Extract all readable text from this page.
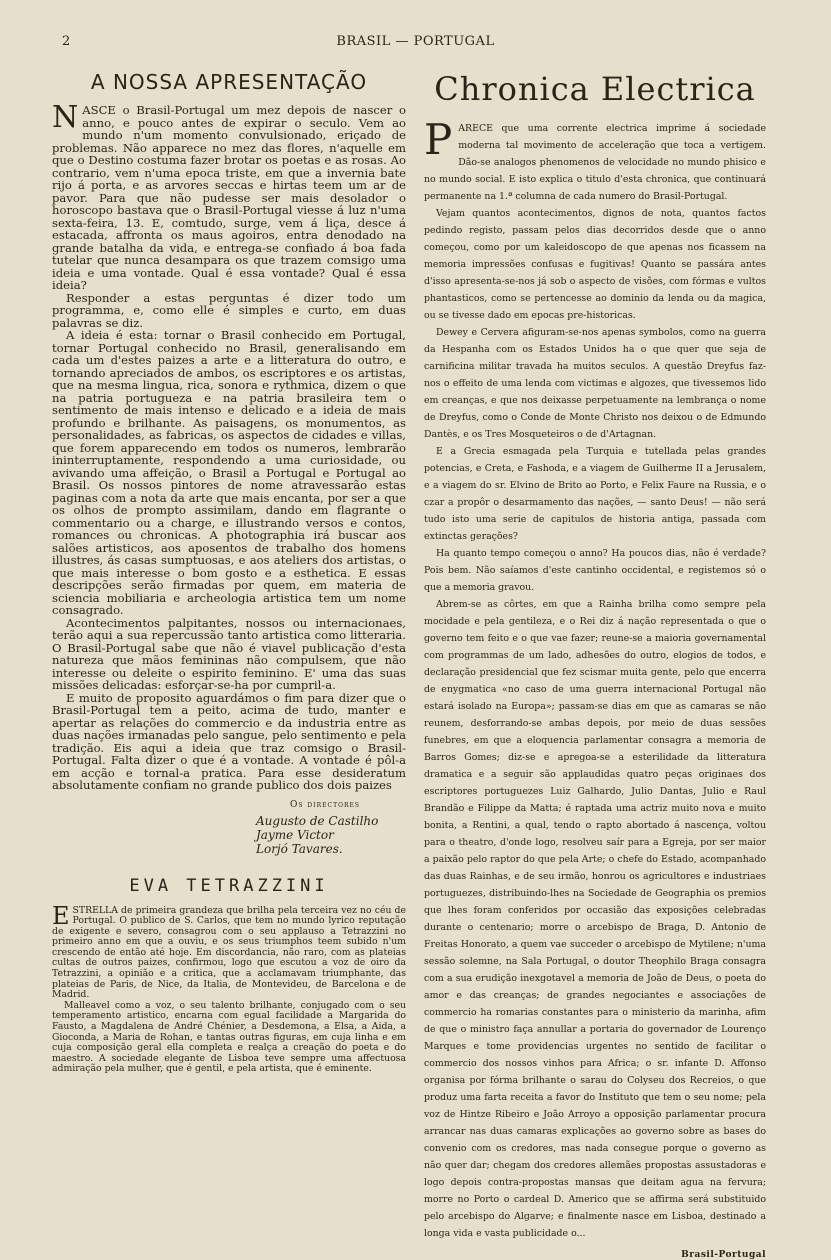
2	BRASIL — PORTUGAL
A NOSSA APRESENTAÇÃO

NASCE o Brasil-Portugal um mez depois de nascer o anno, e pouco antes de expirar o seculo. Vem ao mundo n'um momento convulsionado, eriçado de problemas. Não apparece no mez das flores, n'aquelle em que o Destino costuma fazer brotar os poetas e as rosas. Ao contrario, vem n'uma epoca triste, em que a invernia bate rijo á porta, e as arvores seccas e hirtas teem um ar de pavor. Para que não pudesse ser mais desolador o horoscopo bastava que o Brasil-Portugal viesse á luz n'uma sexta-feira, 13. E, comtudo, surge, vem á liça, desce á estacada, affronta os maus agoiros, entra denodado na grande batalha da vida, e entrega-se confiado á boa fada tutelar que nunca desampara os que trazem comsigo uma ideia e uma vontade. Qual é essa vontade? Qual é essa ideia?

Responder a estas perguntas é dizer todo um programma, e, como elle é simples e curto, em duas palavras se diz.

A ideia é esta: tornar o Brasil conhecido em Portugal, tornar Portugal conhecido no Brasil, generalisando em cada um d'estes paizes a arte e a litteratura do outro, e tornando apreciados de ambos, os escriptores e os artistas, que na mesma lingua, rica, sonora e rythmica, dizem o que na patria portugueza e na patria brasileira tem o sentimento de mais intenso e delicado e a ideia de mais profundo e brilhante. As paisagens, os monumentos, as personalidades, as fabricas, os aspectos de cidades e villas, que forem apparecendo em todos os numeros, lembrarão ininterruptamente, respondendo a uma curiosidade, ou avivando uma affeição, o Brasil a Portugal e Portugal ao Brasil. Os nossos pintores de nome atravessarão estas paginas com a nota da arte que mais encanta, por ser a que os olhos de prompto assimilam, dando em flagrante o commentario ou a charge, e illustrando versos e contos, romances ou chronicas. A photographia irá buscar aos salões artisticos, aos aposentos de trabalho dos homens illustres, ás casas sumptuosas, e aos ateliers dos artistas, o que mais interesse o bom gosto e a esthetica. E essas descripções serão firmadas por quem, em materia de sciencia mobiliaria e archeologia artistica tem um nome consagrado.

Acontecimentos palpitantes, nossos ou internacionaes, terão aqui a sua repercussão tanto artistica como litteraria. O Brasil-Portugal sabe que não é viavel publicação d'esta natureza que mãos femininas não compulsem, que não interesse ou deleite o espirito feminino. E' uma das suas missões delicadas: esforçar-se-ha por cumpril-a.

E muito de proposito aguardámos o fim para dizer que o Brasil-Portugal tem a peito, acima de tudo, manter e apertar as relações do commercio e da industria entre as duas nações irmanadas pelo sangue, pelo sentimento e pela tradição. Eis aqui a ideia que traz comsigo o Brasil-Portugal. Falta dizer o que é a vontade. A vontade é pôl-a em acção e tornal-a pratica. Para esse desideratum absolutamente confiam no grande publico dos dois paizes

Os directores
Augusto de Castilho
Jayme Victor
Lorjó Tavares.
EVA TETRAZZINI

ESTRELLA de primeira grandeza que brilha pela terceira vez no céu de Portugal. O publico de S. Carlos, que tem no mundo lyrico reputação de exigente e severo, consagrou com o seu applauso a Tetrazzini no primeiro anno em que a ouviu, e os seus triumphos teem subido n'um crescendo de então até hoje. Em discordancia, não raro, com as plateias cultas de outros paizes, confirmou, logo que escutou a voz de oiro da Tetrazzini, a opinião e a critica, que a acclamavam triumphante, das plateias de Paris, de Nice, da Italia, de Montevideu, de Barcelona e de Madrid.

Malleavel como a voz, o seu talento brilhante, conjugado com o seu temperamento artistico, encarna com egual facilidade a Margarida do Fausto, a Magdalena de André Chénier, a Desdemona, a Elsa, a Aida, a Gioconda, a Maria de Rohan, e tantas outras figuras, em cuja linha e em cuja composição geral ella completa e realça a creação do poeta e do maestro. A sociedade elegante de Lisboa teve sempre uma affectuosa admiração pela mulher, que é gentil, e pela artista, que é eminente.

Chronica Electrica

PARECE que uma corrente electrica imprime á sociedade moderna tal movimento de acceleração que toca a vertigem. Dão-se analogos phenomenos de velocidade no mundo phisico e no mundo social. E isto explica o titulo d'esta chronica, que continuará permanente na 1.ª columna de cada numero do Brasil-Portugal.

Vejam quantos acontecimentos, dignos de nota, quantos factos pedindo registo, passam pelos dias decorridos desde que o anno começou, como por um kaleidoscopo de que apenas nos ficassem na memoria impressões confusas e fugitivas! Quanto se passára antes d'isso apresenta-se-nos já sob o aspecto de visões, com fórmas e vultos phantasticos, como se pertencesse ao dominio da lenda ou da magica, ou se tivesse dado em epocas pre-historicas.

Dewey e Cervera afiguram-se-nos apenas symbolos, como na guerra da Hespanha com os Estados Unidos ha o que quer que seja de carnificina militar travada ha muitos seculos. A questão Dreyfus faz-nos o effeito de uma lenda com victimas e algozes, que tivessemos lido em creanças, e que nos deixasse perpetuamente na lembrança o nome de Dreyfus, como o Conde de Monte Christo nos deixou o de Edmundo Dantès, e os Tres Mosqueteiros o de d'Artagnan.

E a Grecia esmagada pela Turquia e tutellada pelas grandes potencias, e Creta, e Fashoda, e a viagem de Guilherme II a Jerusalem, e a viagem do sr. Elvino de Brito ao Porto, e Felix Faure na Russia, e o czar a propôr o desarmamento das nações, — santo Deus! — não será tudo isto uma serie de capitulos de historia antiga, passada com extinctas gerações?

Ha quanto tempo começou o anno? Ha poucos dias, não é verdade? Pois bem. Não saíamos d'este cantinho occidental, e registemos só o que a memoria gravou.

Abrem-se as côrtes, em que a Rainha brilha como sempre pela mocidade e pela gentileza, e o Rei diz á nação representada o que o governo tem feito e o que vae fazer; reune-se a maioria governamental com programmas de um lado, adhesões do outro, elogios de todos, e declaração presidencial que fez scismar muita gente, pelo que encerra de enygmatica «no caso de uma guerra internacional Portugal não estará isolado na Europa»; passam-se dias em que as camaras se não reunem, desforrando-se ambas depois, por meio de duas sessões funebres, em que a eloquencia parlamentar consagra a memoria de Barros Gomes; diz-se e apregoa-se a esterilidade da litteratura dramatica e a seguir são applaudidas quatro peças originaes dos escriptores portuguezes Luiz Galhardo, Julio Dantas, Julio e Raul Brandão e Filippe da Matta; é raptada uma actriz muito nova e muito bonita, a Rentini, a qual, tendo o rapto abortado á nascença, voltou para o theatro, d'onde logo, resolveu saír para a Egreja, por ser maior a paixão pelo raptor do que pela Arte; o chefe do Estado, acompanhado das duas Rainhas, e de seu irmão, honrou os agricultores e industriaes portuguezes, distribuindo-lhes na Sociedade de Geographia os premios que lhes foram conferidos por occasião das exposições celebradas durante o centenario; morre o arcebispo de Braga, D. Antonio de Freitas Honorato, a quem vae succeder o arcebispo de Mytilene; n'uma sessão solemne, na Sala Portugal, o doutor Theophilo Braga consagra com a sua erudição inexgotavel a memoria de João de Deus, o poeta do amor e das creanças; de grandes negociantes e associações de commercio ha romarias constantes para o ministerio da marinha, afim de que o ministro faça annullar a portaria do governador de Lourenço Marques e tome providencias urgentes no sentido de facilitar o commercio dos nossos vinhos para Africa; o sr. infante D. Affonso organisa por fórma brilhante o sarau do Colyseu dos Recreios, o que produz uma farta receita a favor do Instituto que tem o seu nome; pela voz de Hintze Ribeiro e João Arroyo a opposição parlamentar procura arrancar nas duas camaras explicações ao governo sobre as bases do convenio com os credores, mas nada consegue porque o governo as não quer dar; chegam dos credores allemães propostas assustadoras e logo depois contra-propostas mansas que deitam agua na fervura; morre no Porto o cardeal D. Americo que se affirma será substituido pelo arcebispo do Algarve; e finalmente nasce em Lisboa, destinado a longa vida e vasta publicidade o...

Brasil-Portugal
